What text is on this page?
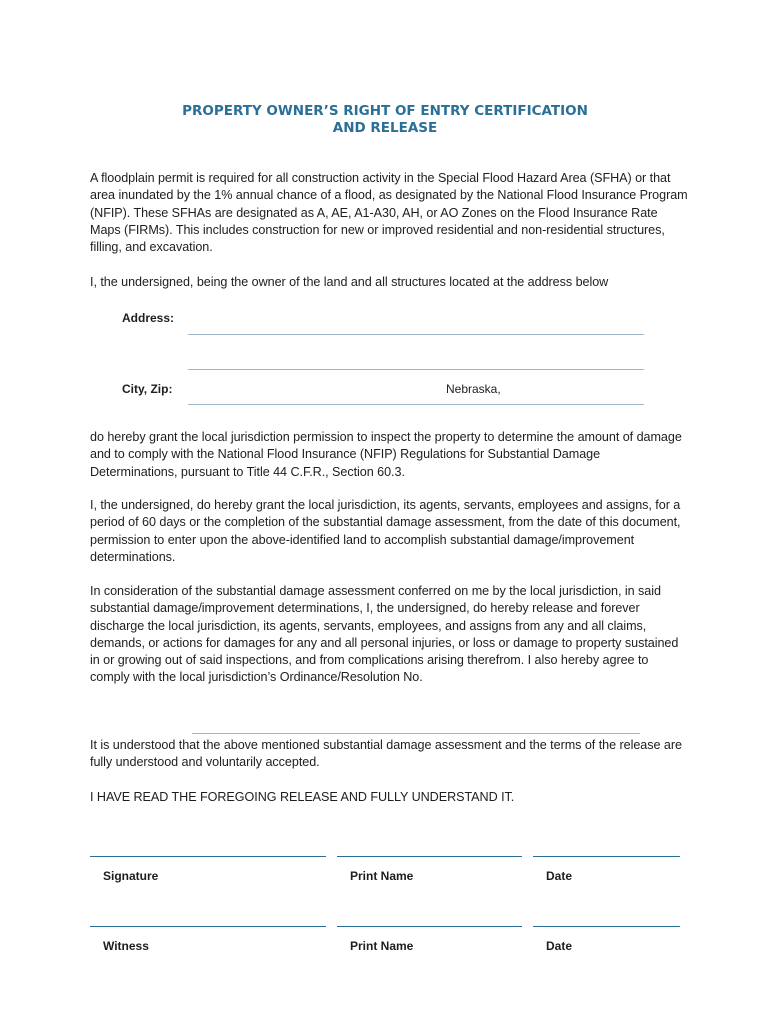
PROPERTY OWNER’S RIGHT OF ENTRY CERTIFICATION
AND RELEASE

A floodplain permit is required for all construction activity in the Special Flood Hazard Area (SFHA) or that area inundated by the 1% annual chance of a flood, as designated by the National Flood Insurance Program (NFIP). These SFHAs are designated as A, AE, A1-A30, AH, or AO Zones on the Flood Insurance Rate Maps (FIRMs). This includes construction for new or improved residential and non-residential structures, filling, and excavation.

I, the undersigned, being the owner of the land and all structures located at the address below

Address:
City, Zip:	Nebraska,

do hereby grant the local jurisdiction permission to inspect the property to determine the amount of damage and to comply with the National Flood Insurance (NFIP) Regulations for Substantial Damage Determinations, pursuant to Title 44 C.F.R., Section 60.3.

I, the undersigned, do hereby grant the local jurisdiction, its agents, servants, employees and assigns, for a period of 60 days or the completion of the substantial damage assessment, from the date of this document, permission to enter upon the above-identified land to accomplish substantial damage/improvement determinations.

In consideration of the substantial damage assessment conferred on me by the local jurisdiction, in said substantial damage/improvement determinations, I, the undersigned, do hereby release and forever discharge the local jurisdiction, its agents, servants, employees, and assigns from any and all claims, demands, or actions for damages for any and all personal injuries, or loss or damage to property sustained in or growing out of said inspections, and from complications arising therefrom. I also hereby agree to comply with the local jurisdiction’s Ordinance/Resolution No.

It is understood that the above mentioned substantial damage assessment and the terms of the release are fully understood and voluntarily accepted.

I HAVE READ THE FOREGOING RELEASE AND FULLY UNDERSTAND IT.

Signature	Print Name	Date
Witness	Print Name	Date
